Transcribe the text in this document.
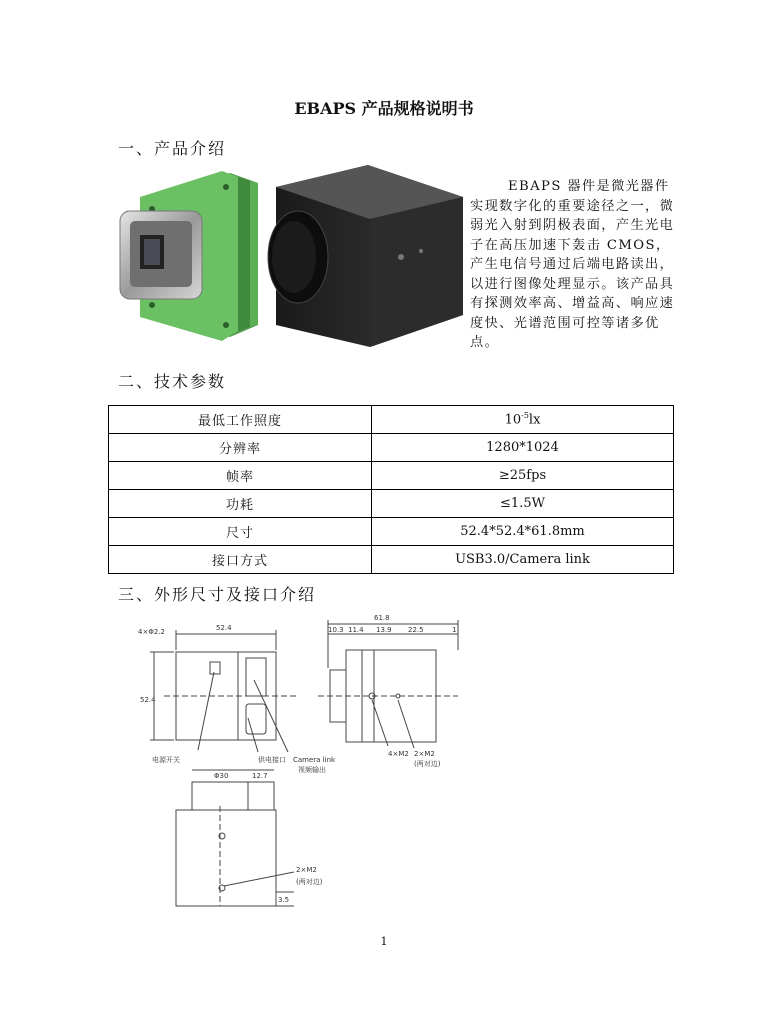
EBAPS 产品规格说明书
一、产品介绍
EBAPS 器件是微光器件实现数字化的重要途径之一，微弱光入射到阴极表面，产生光电子在高压加速下轰击 CMOS，产生电信号通过后端电路读出，以进行图像处理显示。该产品具有探测效率高、增益高、响应速度快、光谱范围可控等诸多优点。
二、技术参数
最低工作照度	$10^{-5}lx$
分辨率	1280*1024
帧率	≥25fps
功耗	≤1.5W
尺寸	52.4*52.4*61.8mm
接口方式	USB3.0/Camera link
三、外形尺寸及接口介绍
52.4
4×Φ2.2
52.4
电源开关	供电接口 Camera link
视频输出
61.8
10.3 11.4 13.9 22.5	1
4×M2 2×M2
(两对边)
Φ30	12.7
2×M2
(两对边)
3.5
1
